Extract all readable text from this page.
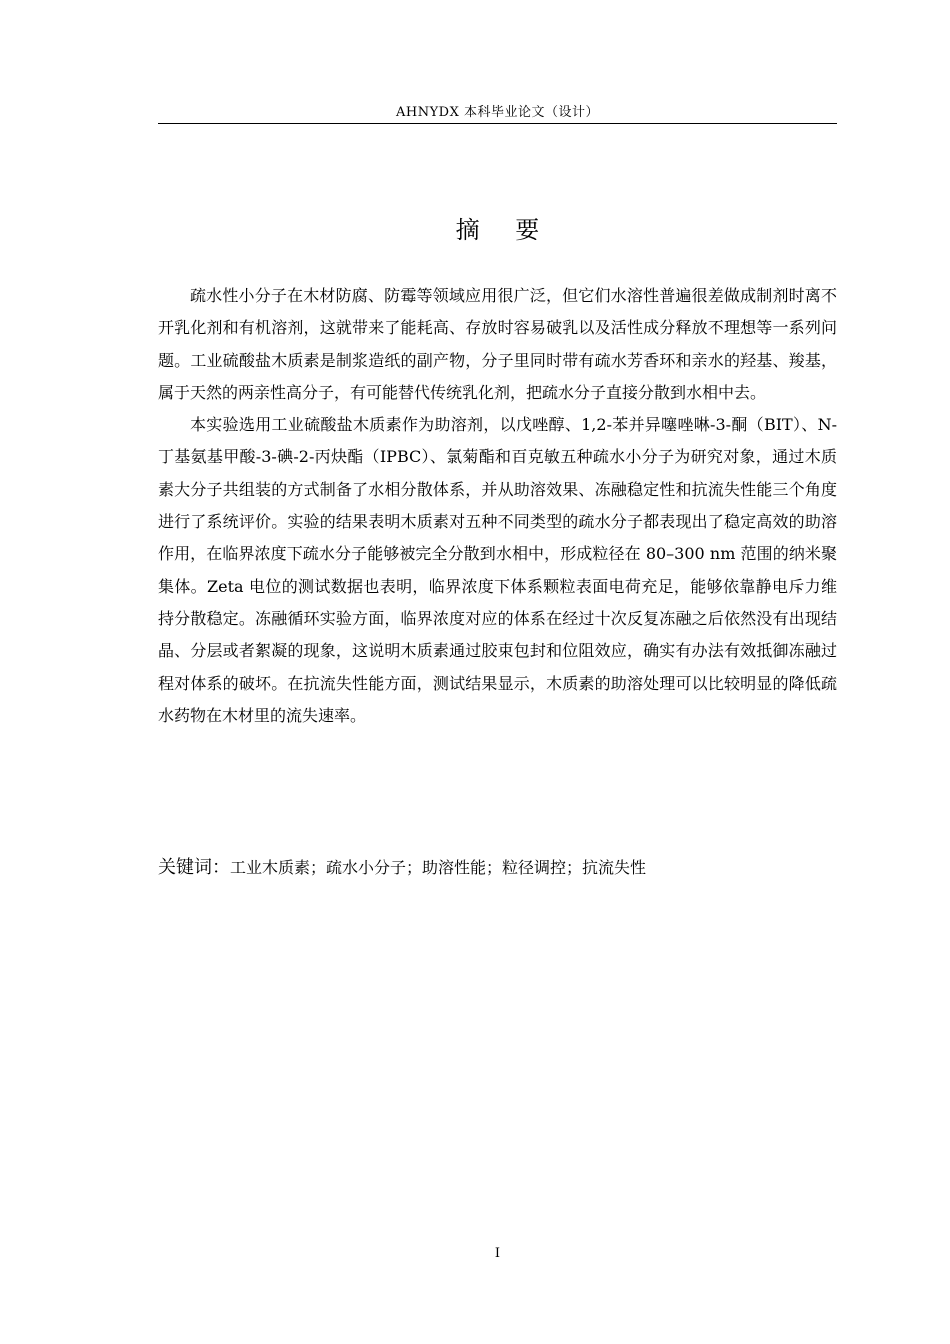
AHNYDX 本科毕业论文（设计）
摘 要

疏水性小分子在木材防腐、防霉等领域应用很广泛，但它们水溶性普遍很差做成制剂时离不开乳化剂和有机溶剂，这就带来了能耗高、存放时容易破乳以及活性成分释放不理想等一系列问题。工业硫酸盐木质素是制浆造纸的副产物，分子里同时带有疏水芳香环和亲水的羟基、羧基，属于天然的两亲性高分子，有可能替代传统乳化剂，把疏水分子直接分散到水相中去。

本实验选用工业硫酸盐木质素作为助溶剂，以戊唑醇、1,2-苯并异噻唑啉-3-酮（BIT）、N-丁基氨基甲酸-3-碘-2-丙炔酯（IPBC）、氯菊酯和百克敏五种疏水小分子为研究对象，通过木质素大分子共组装的方式制备了水相分散体系，并从助溶效果、冻融稳定性和抗流失性能三个角度进行了系统评价。实验的结果表明木质素对五种不同类型的疏水分子都表现出了稳定高效的助溶作用，在临界浓度下疏水分子能够被完全分散到水相中，形成粒径在 80–300 nm 范围的纳米聚集体。Zeta 电位的测试数据也表明，临界浓度下体系颗粒表面电荷充足，能够依靠静电斥力维持分散稳定。冻融循环实验方面，临界浓度对应的体系在经过十次反复冻融之后依然没有出现结晶、分层或者絮凝的现象，这说明木质素通过胶束包封和位阻效应，确实有办法有效抵御冻融过程对体系的破坏。在抗流失性能方面，测试结果显示，木质素的助溶处理可以比较明显的降低疏水药物在木材里的流失速率。

关键词：工业木质素；疏水小分子；助溶性能；粒径调控；抗流失性
I
